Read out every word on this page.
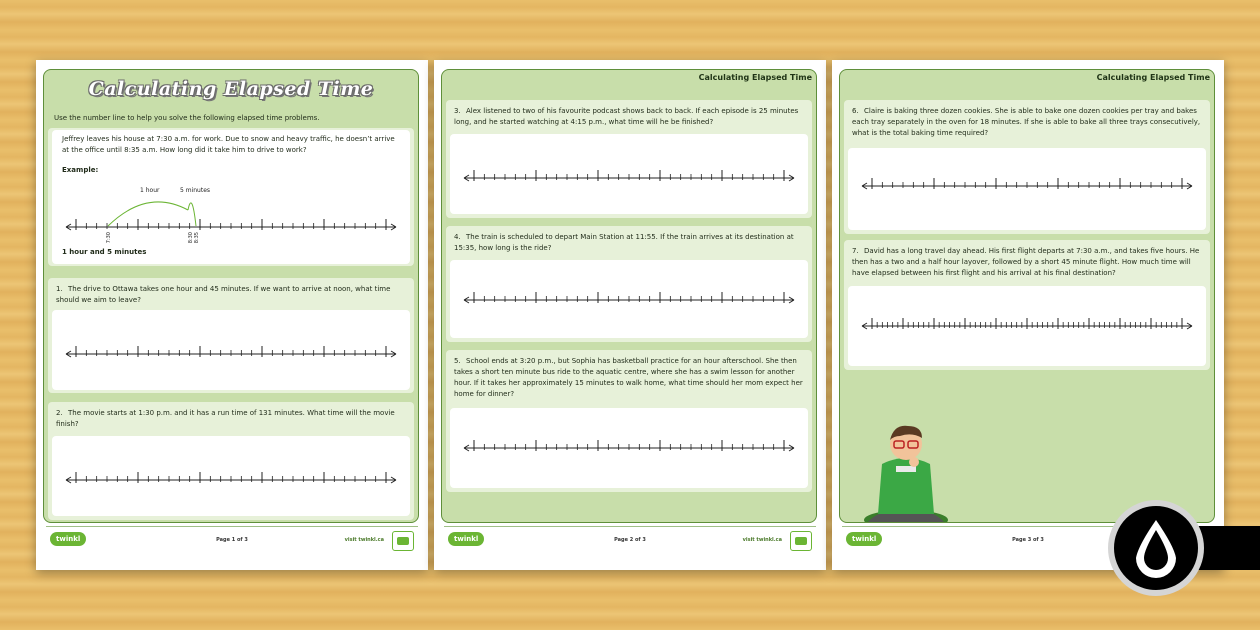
Calculating Elapsed Time
Use the number line to help you solve the following elapsed time problems.
Jeffrey leaves his house at 7:30 a.m. for work. Due to snow and heavy traffic, he doesn’t arrive at the office until 8:35 a.m. How long did it take him to drive to work?
Example:
1 hour	5 minutes
7:30	8:30 8:35
1 hour and 5 minutes
1. The drive to Ottawa takes one hour and 45 minutes. If we want to arrive at noon, what time should we aim to leave?
2. The movie starts at 1:30 p.m. and it has a run time of 131 minutes. What time will the movie finish?
twinkl	Page 1 of 3	visit twinkl.ca
Calculating Elapsed Time
3. Alex listened to two of his favourite podcast shows back to back. If each episode is 25 minutes long, and he started watching at 4:15 p.m., what time will he be finished?
4. The train is scheduled to depart Main Station at 11:55. If the train arrives at its destination at 15:35, how long is the ride?
5. School ends at 3:20 p.m., but Sophia has basketball practice for an hour afterschool. She then takes a short ten minute bus ride to the aquatic centre, where she has a swim lesson for another hour. If it takes her approximately 15 minutes to walk home, what time should her mom expect her home for dinner?
twinkl	Page 2 of 3	visit twinkl.ca
Calculating Elapsed Time
6. Claire is baking three dozen cookies. She is able to bake one dozen cookies per tray and bakes each tray separately in the oven for 18 minutes. If she is able to bake all three trays consecutively, what is the total baking time required?
7. David has a long travel day ahead. His first flight departs at 7:30 a.m., and takes five hours. He then has a two and a half hour layover, followed by a short 45 minute flight. How much time will have elapsed between his first flight and his arrival at his final destination?
twinkl	Page 3 of 3
